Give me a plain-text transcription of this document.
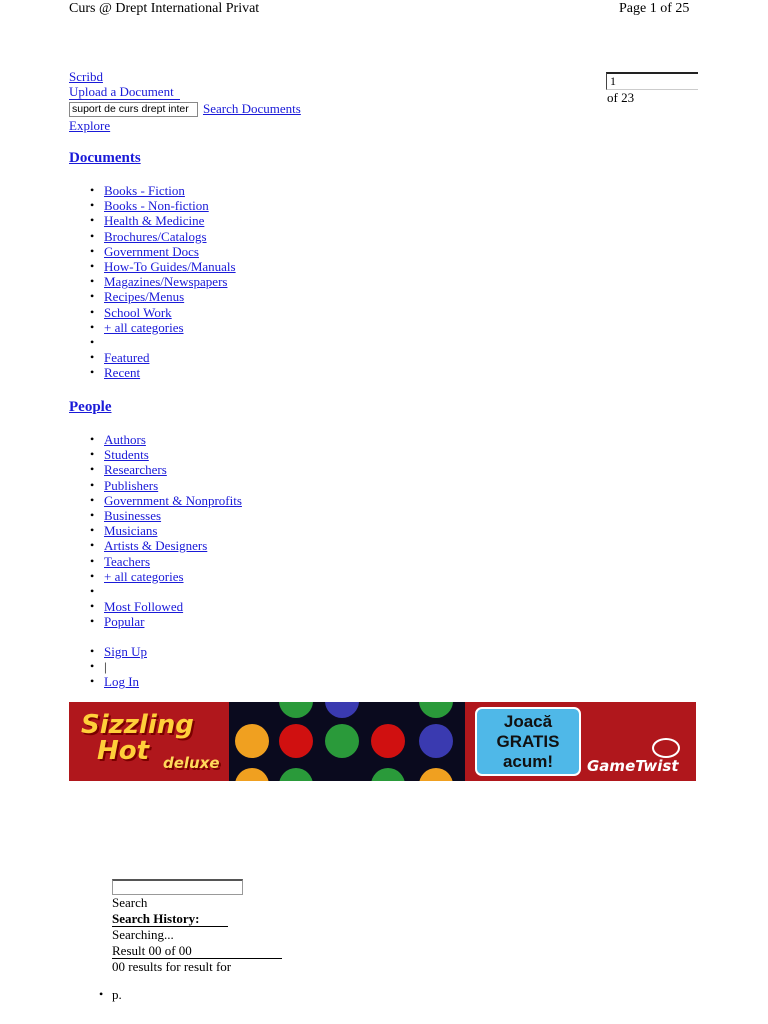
Curs @ Drept International Privat	Page 1 of 25
Scribd
Upload a Document
suport de curs drept inter
Search Documents
Explore
1
of 23
Documents
• Books - Fiction
• Books - Non-fiction
• Health & Medicine
• Brochures/Catalogs
• Government Docs
• How-To Guides/Manuals
• Magazines/Newspapers
• Recipes/Menus
• School Work
• + all categories
•
• Featured
• Recent
People
• Authors
• Students
• Researchers
• Publishers
• Government & Nonprofits
• Businesses
• Musicians
• Artists & Designers
• Teachers
• + all categories
•
• Most Followed
• Popular
• Sign Up
• |
• Log In
Sizzling
Hot deluxe
Joacă
GRATIS
acum!	GameTwist
Search
Search History:
Searching...
Result 00 of 00
00 results for result for
• p.
